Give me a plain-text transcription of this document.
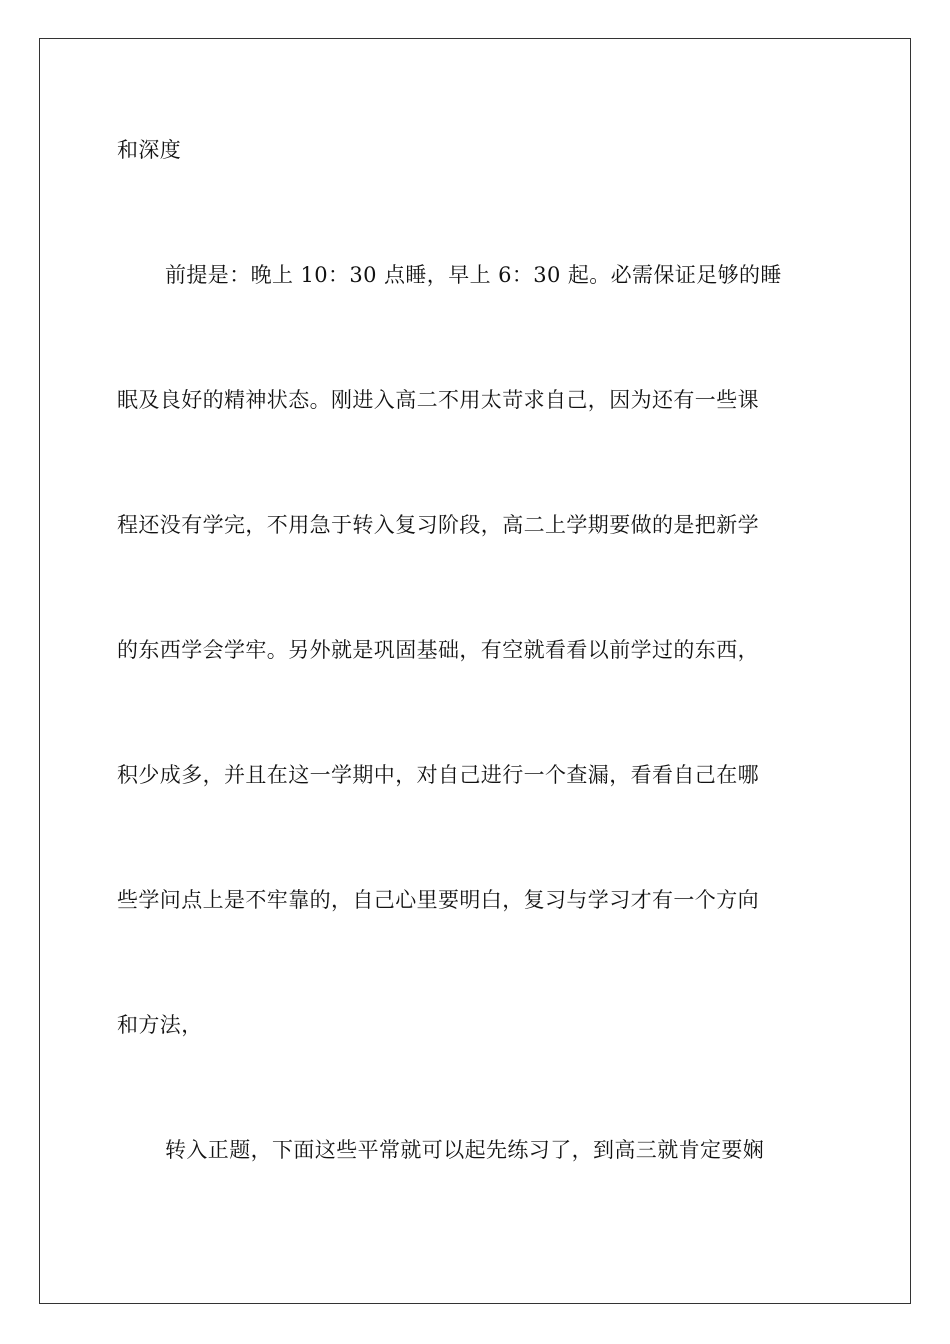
和深度
前提是：晚上 10：30 点睡，早上 6：30 起。必需保证足够的睡
眠及良好的精神状态。刚进入高二不用太苛求自己，因为还有一些课
程还没有学完，不用急于转入复习阶段，高二上学期要做的是把新学
的东西学会学牢。另外就是巩固基础，有空就看看以前学过的东西，
积少成多，并且在这一学期中，对自己进行一个查漏，看看自己在哪
些学问点上是不牢靠的，自己心里要明白，复习与学习才有一个方向
和方法，
转入正题，下面这些平常就可以起先练习了，到高三就肯定要娴
